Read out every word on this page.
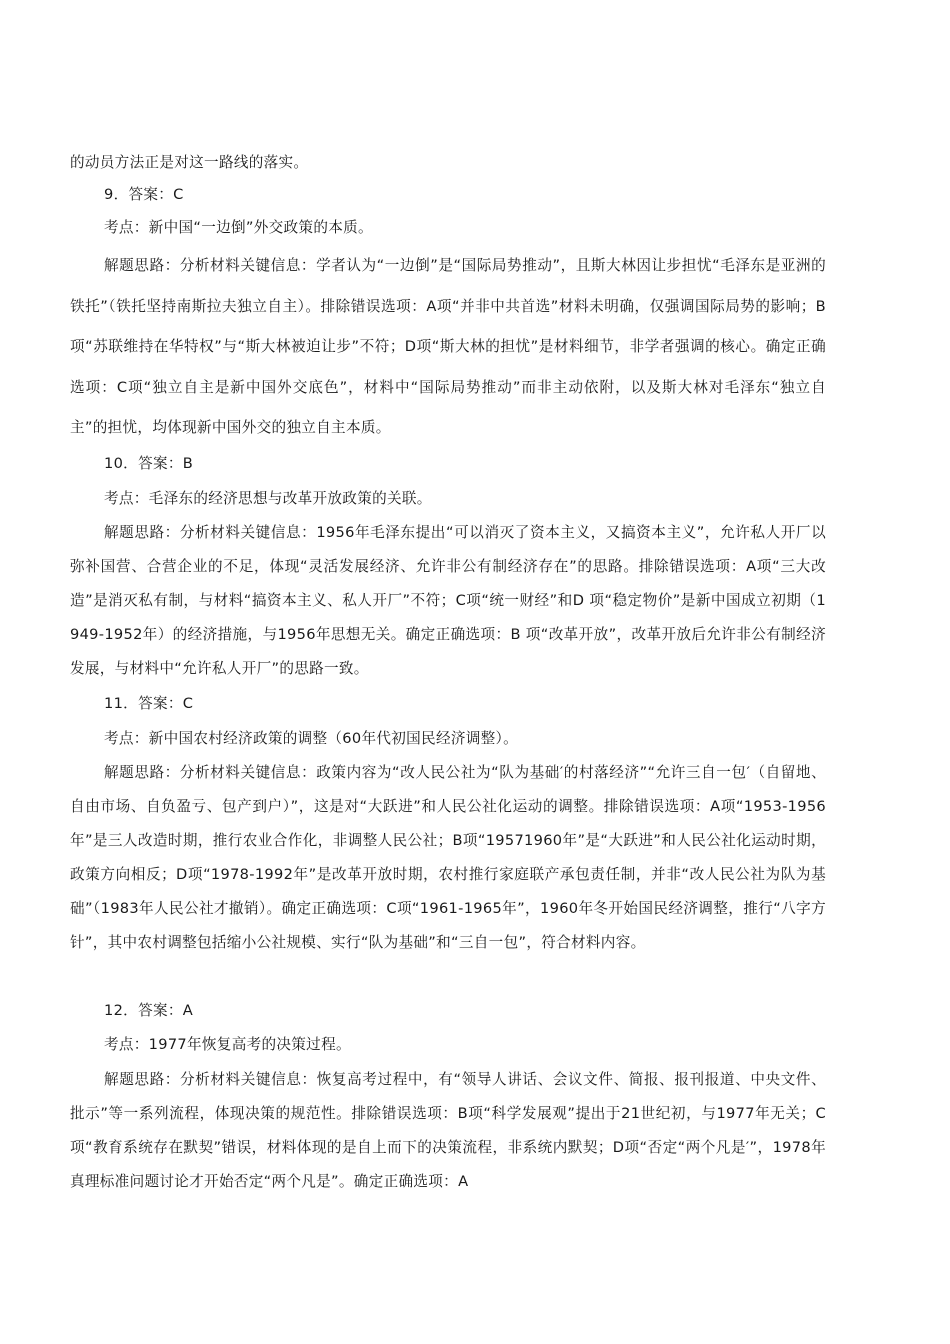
的动员方法正是对这一路线的落实。
9．答案：C
考点：新中国“一边倒”外交政策的本质。
解题思路：分析材料关键信息：学者认为“一边倒”是“国际局势推动”，且斯大林因让步担忧“毛泽东是亚洲的铁托”（铁托坚持南斯拉夫独立自主）。排除错误选项：A项“并非中共首选”材料未明确，仅强调国际局势的影响；B项“苏联维持在华特权”与“斯大林被迫让步”不符；D项“斯大林的担忧”是材料细节，非学者强调的核心。确定正确选项：C项“独立自主是新中国外交底色”，材料中“国际局势推动”而非主动依附，以及斯大林对毛泽东“独立自主”的担忧，均体现新中国外交的独立自主本质。
10．答案：B
考点：毛泽东的经济思想与改革开放政策的关联。
解题思路：分析材料关键信息：1956年毛泽东提出“可以消灭了资本主义，又搞资本主义”，允许私人开厂以弥补国营、合营企业的不足，体现“灵活发展经济、允许非公有制经济存在”的思路。排除错误选项：A项“三大改造”是消灭私有制，与材料“搞资本主义、私人开厂”不符；C项“统一财经”和D 项“稳定物价”是新中国成立初期（1949-1952年）的经济措施，与1956年思想无关。确定正确选项：B 项“改革开放”，改革开放后允许非公有制经济发展，与材料中“允许私人开厂”的思路一致。
11．答案：C
考点：新中国农村经济政策的调整（60年代初国民经济调整）。
解题思路：分析材料关键信息：政策内容为“改人民公社为“队为基础′的村落经济”“允许三自一包′（自留地、自由市场、自负盈亏、包产到户）”，这是对“大跃进”和人民公社化运动的调整。排除错误选项：A项“1953-1956年”是三人改造时期，推行农业合作化，非调整人民公社；B项“19571960年”是“大跃进”和人民公社化运动时期，政策方向相反；D项“1978-1992年”是改革开放时期，农村推行家庭联产承包责任制，并非“改人民公社为队为基础”（1983年人民公社才撤销）。确定正确选项：C项“1961-1965年”，1960年冬开始国民经济调整，推行“八字方针”，其中农村调整包括缩小公社规模、实行“队为基础”和“三自一包”，符合材料内容。
12．答案：A
考点：1977年恢复高考的决策过程。
解题思路：分析材料关键信息：恢复高考过程中，有“领导人讲话、会议文件、简报、报刊报道、中央文件、批示”等一系列流程，体现决策的规范性。排除错误选项：B项“科学发展观”提出于21世纪初，与1977年无关；C项“教育系统存在默契”错误，材料体现的是自上而下的决策流程，非系统内默契；D项“否定“两个凡是′”，1978年真理标准问题讨论才开始否定“两个凡是”。确定正确选项：A
